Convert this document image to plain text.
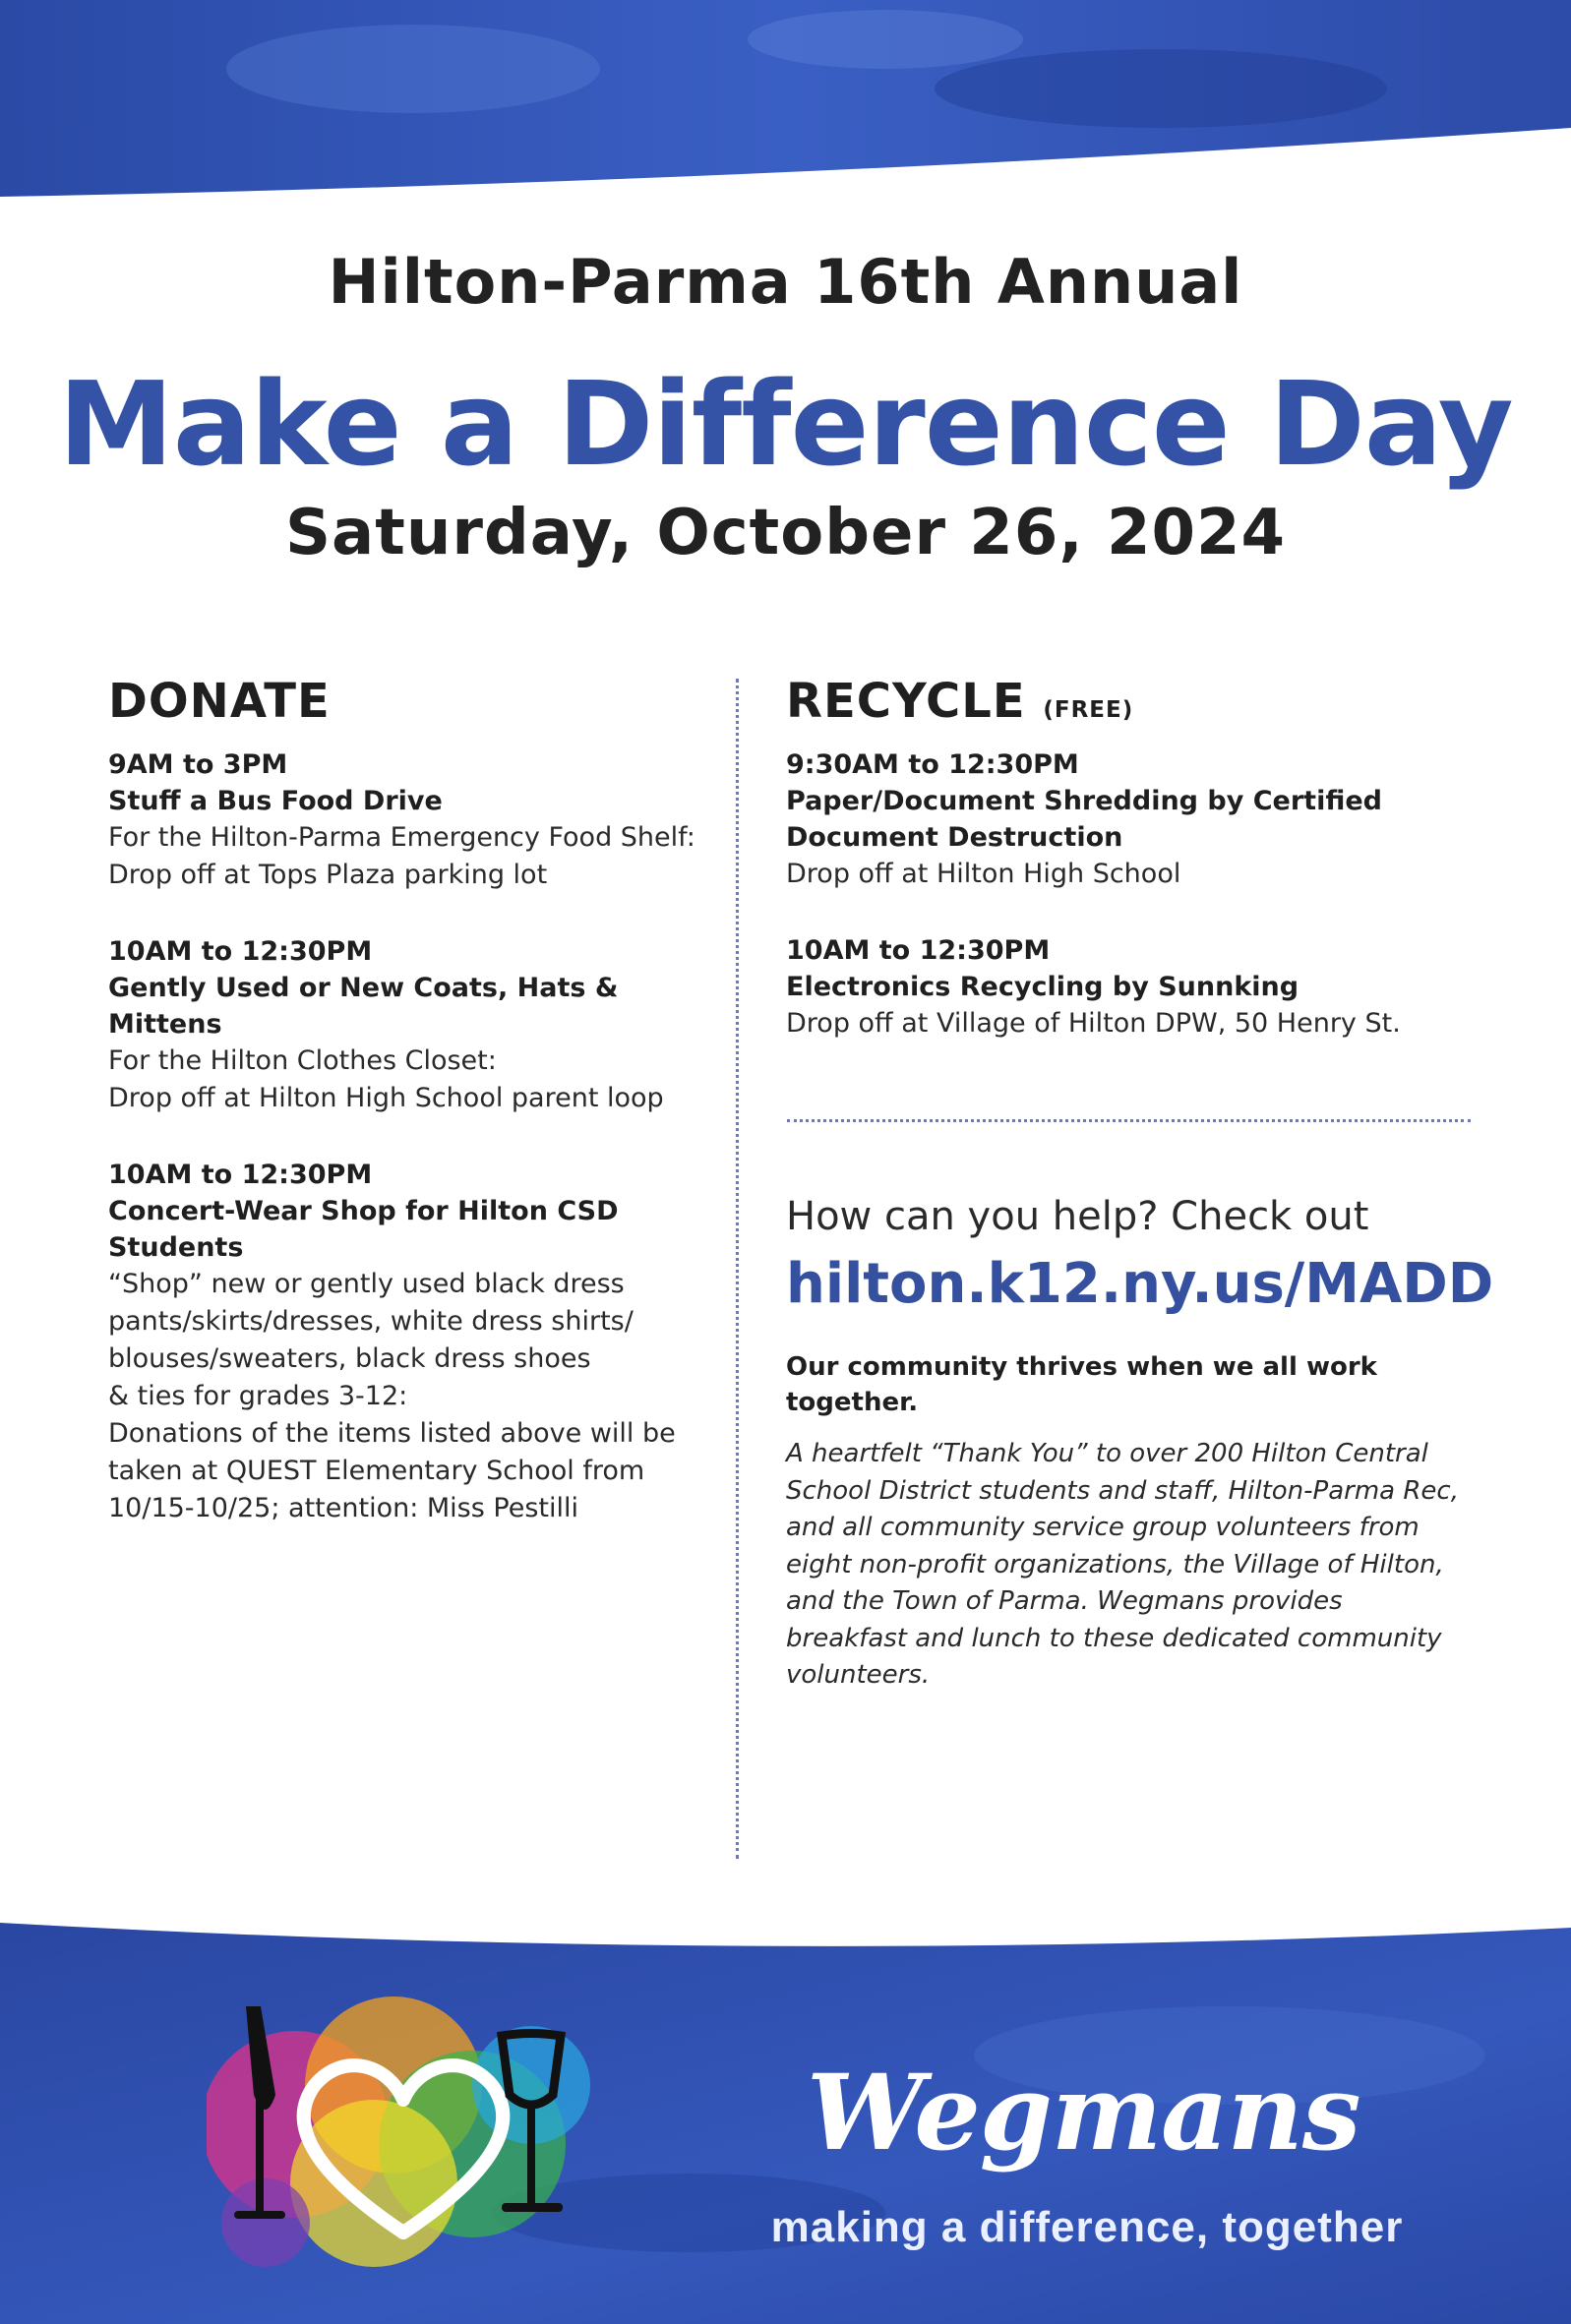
Hilton-Parma 16th Annual
Make a Difference Day
Saturday, October 26, 2024
DONATE
9AM to 3PM
Stuff a Bus Food Drive
For the Hilton-Parma Emergency Food Shelf:
Drop off at Tops Plaza parking lot
10AM to 12:30PM
Gently Used or New Coats, Hats & Mittens
For the Hilton Clothes Closet:
Drop off at Hilton High School parent loop
10AM to 12:30PM
Concert-Wear Shop for Hilton CSD
Students
“Shop” new or gently used black dress
pants/skirts/dresses, white dress shirts/
blouses/sweaters, black dress shoes
& ties for grades 3-12:
Donations of the items listed above will be
taken at QUEST Elementary School from
10/15-10/25; attention: Miss Pestilli
RECYCLE (FREE)
9:30AM to 12:30PM
Paper/Document Shredding by Certified
Document Destruction
Drop off at Hilton High School
10AM to 12:30PM
Electronics Recycling by Sunnking
Drop off at Village of Hilton DPW, 50 Henry St.
How can you help? Check out
hilton.k12.ny.us/MADD
Our community thrives when we all work together.
A heartfelt “Thank You” to over 200 Hilton Central
School District students and staff, Hilton-Parma Rec,
and all community service group volunteers from
eight non-profit organizations, the Village of Hilton,
and the Town of Parma. Wegmans provides
breakfast and lunch to these dedicated community
volunteers.
Wegmans
making a difference, together
